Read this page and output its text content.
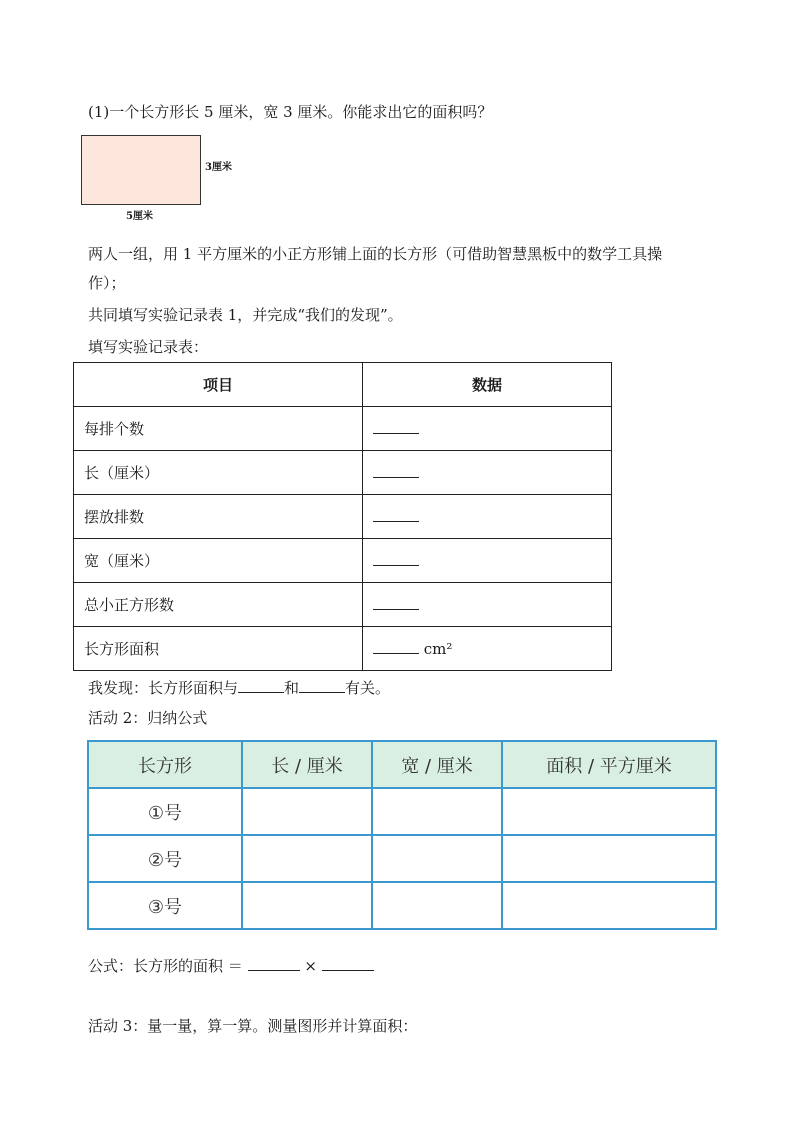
(1)一个长方形长 5 厘米，宽 3 厘米。你能求出它的面积吗？
3厘米
5厘米
两人一组，用 1 平方厘米的小正方形铺上面的长方形（可借助智慧黑板中的数学工具操
作）；
共同填写实验记录表 1，并完成“我们的发现”。
填写实验记录表：
项目	数据
每排个数	
长（厘米）	
摆放排数	
宽（厘米）	
总小正方形数	
长方形面积	cm²
我发现：长方形面积与	和	有关。
活动 2：归纳公式
长方形	长 / 厘米	宽 / 厘米	面积 / 平方厘米
①号			
②号			
③号			
公式：长方形的面积 ＝	×
活动 3：量一量，算一算。测量图形并计算面积：
